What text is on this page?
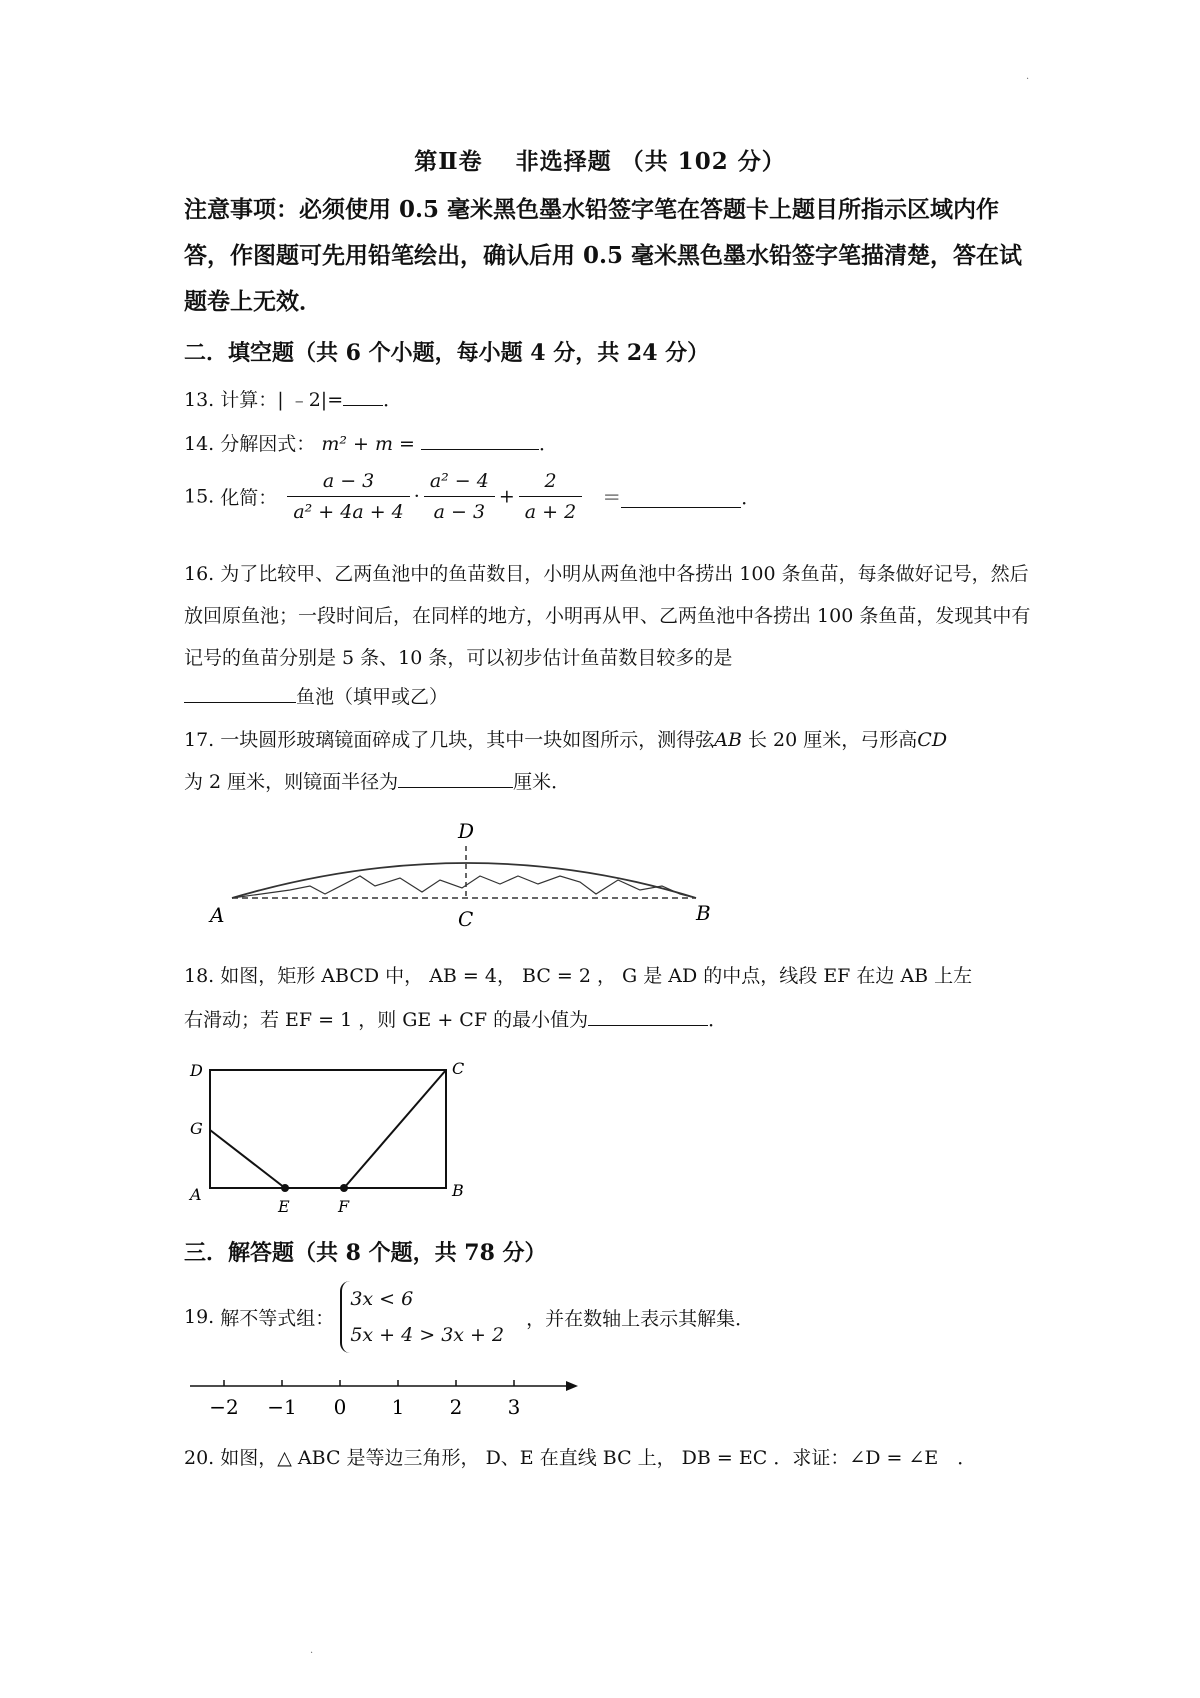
·
第Ⅱ卷　 非选择题 （共 102 分）
注意事项：必须使用 0.5 毫米黑色墨水铅签字笔在答题卡上题目所指示区域内作答，作图题可先用铅笔绘出，确认后用 0.5 毫米黑色墨水铅签字笔描清楚，答在试题卷上无效．
二．填空题（共 6 个小题，每小题 4 分，共 24 分）
13. 计算：| ﹣2|= ．
14. 分解因式： m² + m =	．
15. 化简： $\frac{a - 3}{\text{a² + 4a + 4}} \cdot \frac{\text{a² − 4}}{a - 3} + \frac{2}{a + 2}$ ＝	．
16. 为了比较甲、乙两鱼池中的鱼苗数目，小明从两鱼池中各捞出 100 条鱼苗，每条做好记号，然后放回原鱼池；一段时间后，在同样的地方，小明再从甲、乙两鱼池中各捞出 100 条鱼苗，发现其中有记号的鱼苗分别是 5 条、10 条，可以初步估计鱼苗数目较多的是
鱼池（填甲或乙）
17. 一块圆形玻璃镜面碎成了几块，其中一块如图所示，测得弦AB 长 20 厘米，弓形高CD
为 2 厘米，则镜面半径为	厘米．
A	C
D
B
18. 如图，矩形 ABCD 中， AB = 4， BC = 2 ， G 是 AD 的中点，线段 EF 在边 AB 上左
右滑动；若 EF = 1 ，则 GE + CF 的最小值为	．
D	C
G
A
E	F
B
三．解答题（共 8 个题，共 78 分）
19. 解不等式组：
3x < 6
5x + 4 > 3x + 2
，并在数轴上表示其解集．
−2 −1 0 1 2 3
20. 如图，△ ABC 是等边三角形， D、E 在直线 BC 上， DB = EC ．求证：∠D = ∠E　．
·
